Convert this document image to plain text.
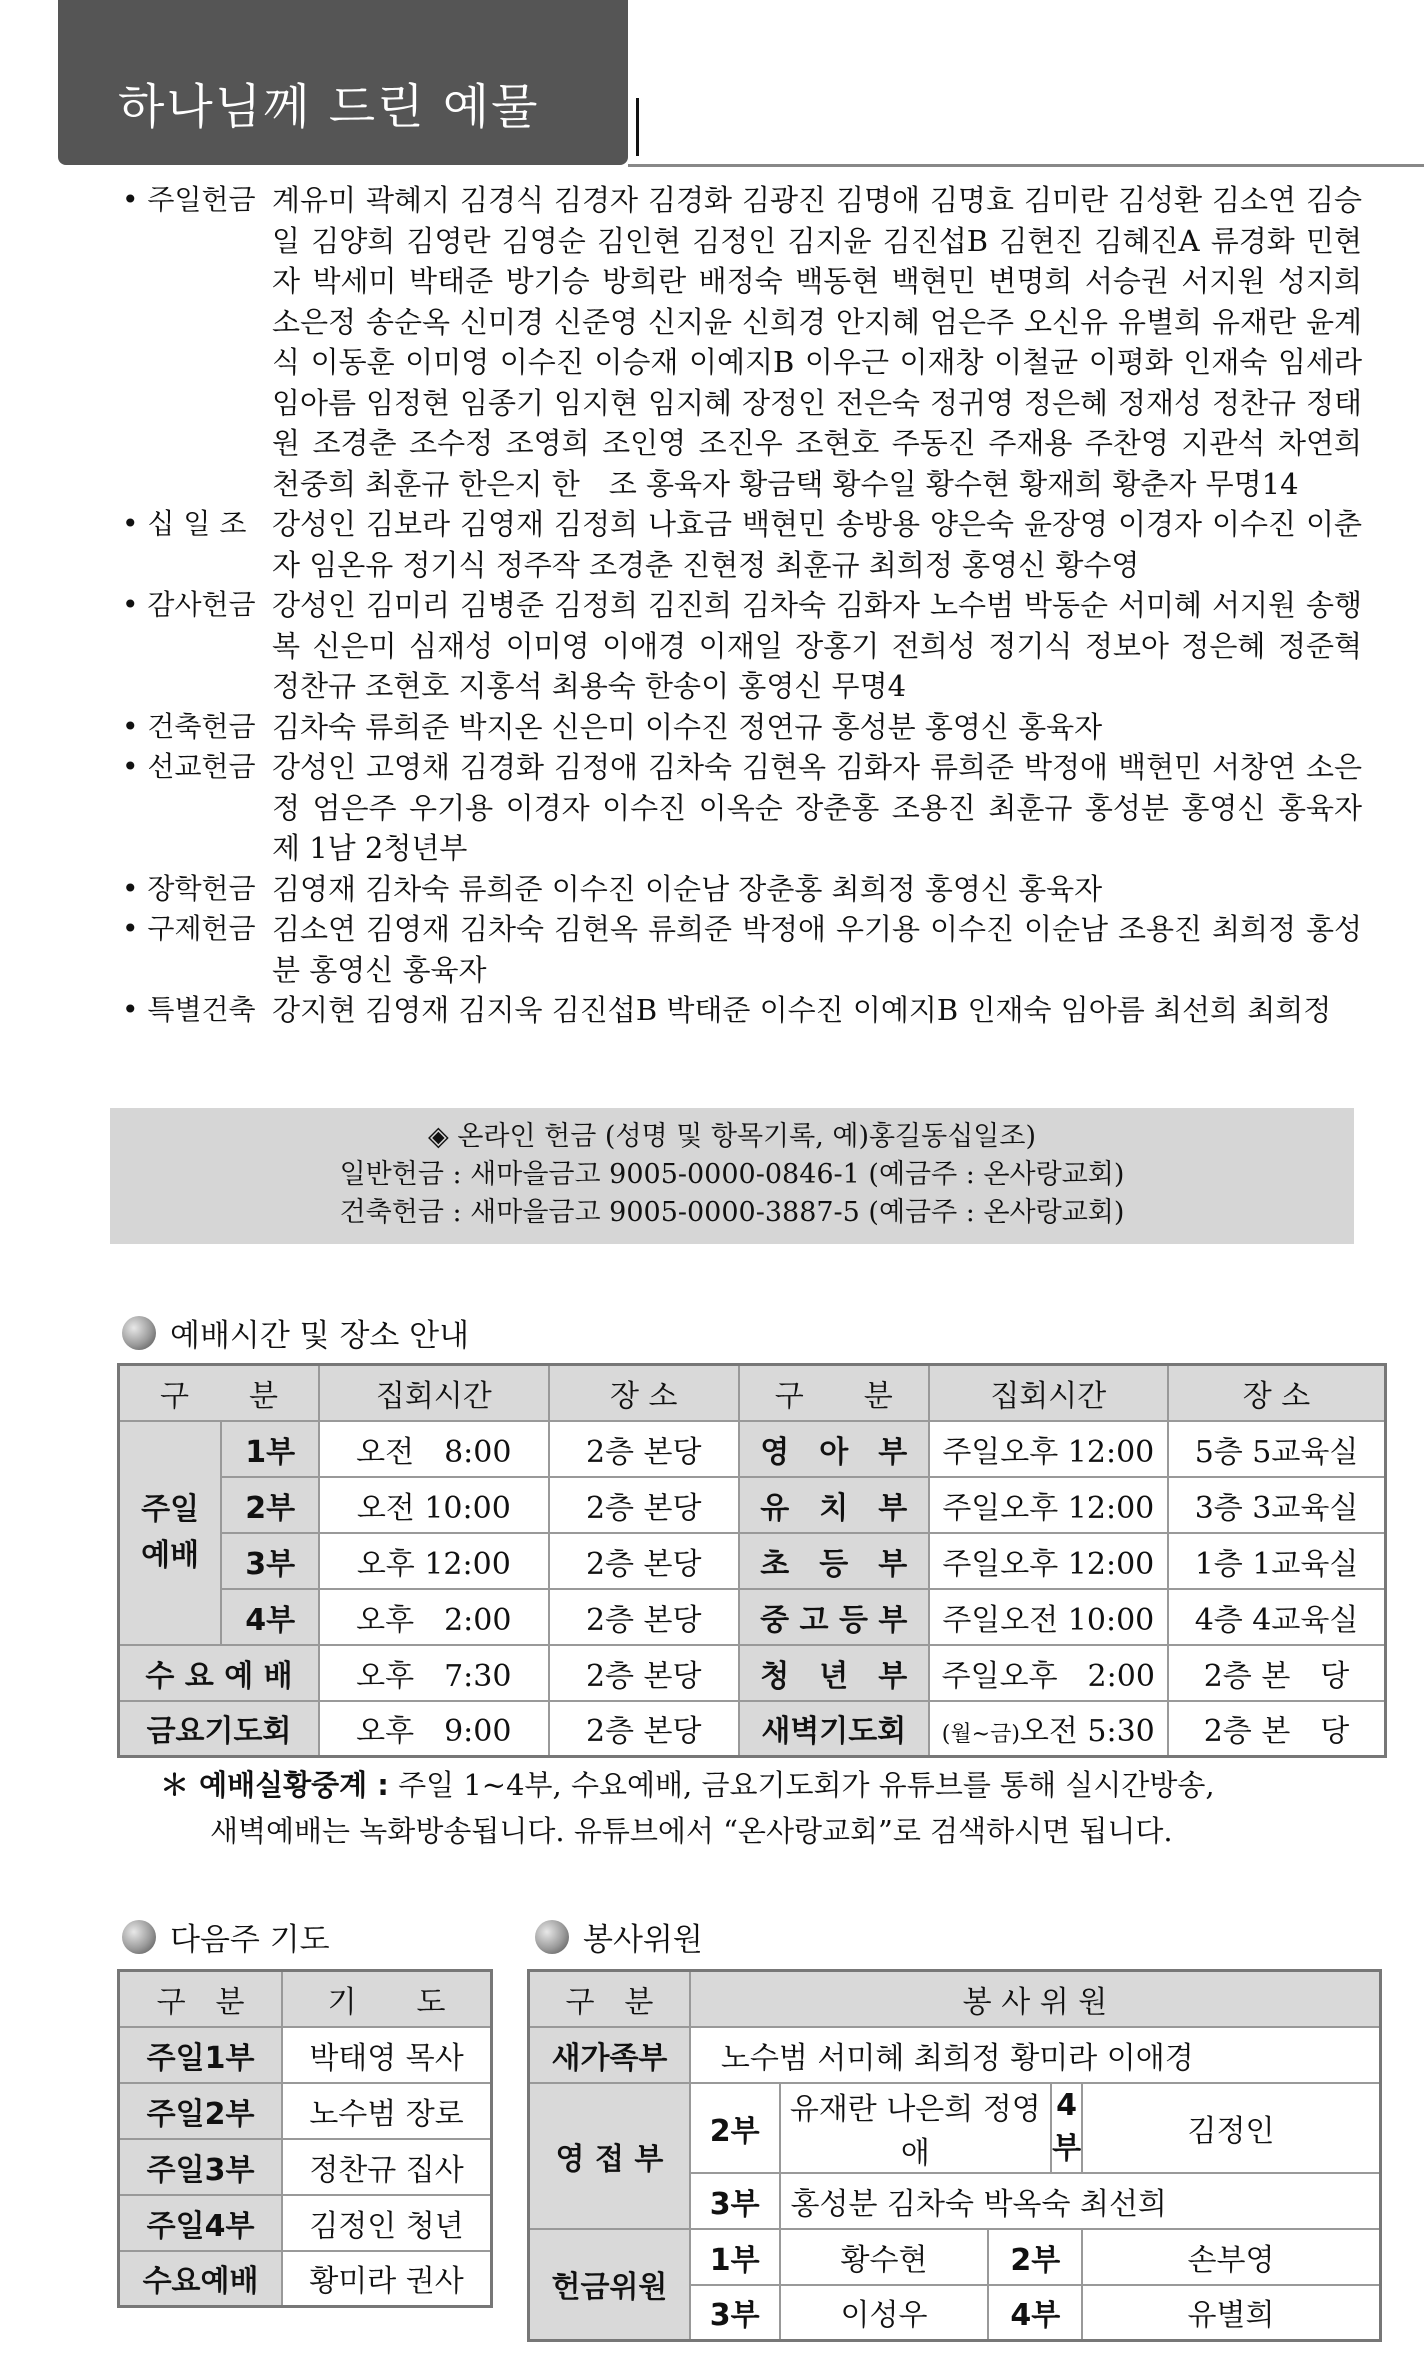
하나님께 드린 예물
• 주일헌금 계유미 곽혜지 김경식 김경자 김경화 김광진 김명애 김명효 김미란 김성환 김소연 김승일 김양희 김영란 김영순 김인현 김정인 김지윤 김진섭B 김현진 김혜진A 류경화 민현자 박세미 박태준 방기승 방희란 배정숙 백동현 백현민 변명희 서승권 서지원 성지희 소은정 송순옥 신미경 신준영 신지윤 신희경 안지혜 엄은주 오신유 유별희 유재란 윤계식 이동훈 이미영 이수진 이승재 이예지B 이우근 이재창 이철균 이평화 인재숙 임세라 임아름 임정현 임종기 임지현 임지혜 장정인 전은숙 정귀영 정은혜 정재성 정찬규 정태원 조경춘 조수정 조영희 조인영 조진우 조현호 주동진 주재용 주찬영 지관석 차연희 천중희 최훈규 한은지 한　조 홍육자 황금택 황수일 황수현 황재희 황춘자 무명14
• 십 일 조 강성인 김보라 김영재 김정희 나효금 백현민 송방용 양은숙 윤장영 이경자 이수진 이춘자 임온유 정기식 정주작 조경춘 진현정 최훈규 최희정 홍영신 황수영
• 감사헌금 강성인 김미리 김병준 김정희 김진희 김차숙 김화자 노수범 박동순 서미혜 서지원 송행복 신은미 심재성 이미영 이애경 이재일 장홍기 전희성 정기식 정보아 정은혜 정준혁 정찬규 조현호 지홍석 최용숙 한송이 홍영신 무명4
• 건축헌금 김차숙 류희준 박지온 신은미 이수진 정연규 홍성분 홍영신 홍육자
• 선교헌금 강성인 고영채 김경화 김정애 김차숙 김현옥 김화자 류희준 박정애 백현민 서창연 소은정 엄은주 우기용 이경자 이수진 이옥순 장춘홍 조용진 최훈규 홍성분 홍영신 홍육자 제 1남 2청년부
• 장학헌금 김영재 김차숙 류희준 이수진 이순남 장춘홍 최희정 홍영신 홍육자
• 구제헌금 김소연 김영재 김차숙 김현옥 류희준 박정애 우기용 이수진 이순남 조용진 최희정 홍성분 홍영신 홍육자
• 특별건축 강지현 김영재 김지욱 김진섭B 박태준 이수진 이예지B 인재숙 임아름 최선희 최희정
◈ 온라인 헌금 (성명 및 항목기록, 예)홍길동십일조)
일반헌금 : 새마을금고 9005-0000-0846-1 (예금주 : 온사랑교회)
건축헌금 : 새마을금고 9005-0000-3887-5 (예금주 : 온사랑교회)
예배시간 및 장소 안내
구　　분		집회시간	장 소	구　　분	집회시간	장 소
주일
예배	1부	오전　8:00	2층 본당	영　아　부	주일오후 12:00	5층 5교육실
	2부	오전 10:00	2층 본당	유　치　부	주일오후 12:00	3층 3교육실
	3부	오후 12:00	2층 본당	초　등　부	주일오후 12:00	1층 1교육실
	4부	오후　2:00	2층 본당	중 고 등 부	주일오전 10:00	4층 4교육실
수 요 예 배		오후　7:30	2층 본당	청　년　부	주일오후　2:00	2층 본　당
금요기도회		오후　9:00	2층 본당	새벽기도회	(월~금)오전 5:30	2층 본　당
＊ 예배실황중계 : 주일 1~4부, 수요예배, 금요기도회가 유튜브를 통해 실시간방송,
새벽예배는 녹화방송됩니다. 유튜브에서 “온사랑교회”로 검색하시면 됩니다.
다음주 기도
구　분	기　　도
주일1부	박태영 목사
주일2부	노수범 장로
주일3부	정찬규 집사
주일4부	김정인 청년
수요예배	황미라 권사
봉사위원
구　분	봉 사 위 원				
새가족부	노수범 서미혜 최희정 황미라 이애경				
영 접 부	2부	유재란 나은희 정영애		4부	김정인
	3부	홍성분 김차숙 박옥숙 최선희			
헌금위원	1부	황수현	2부		손부영
	3부	이성우	4부		유별희
